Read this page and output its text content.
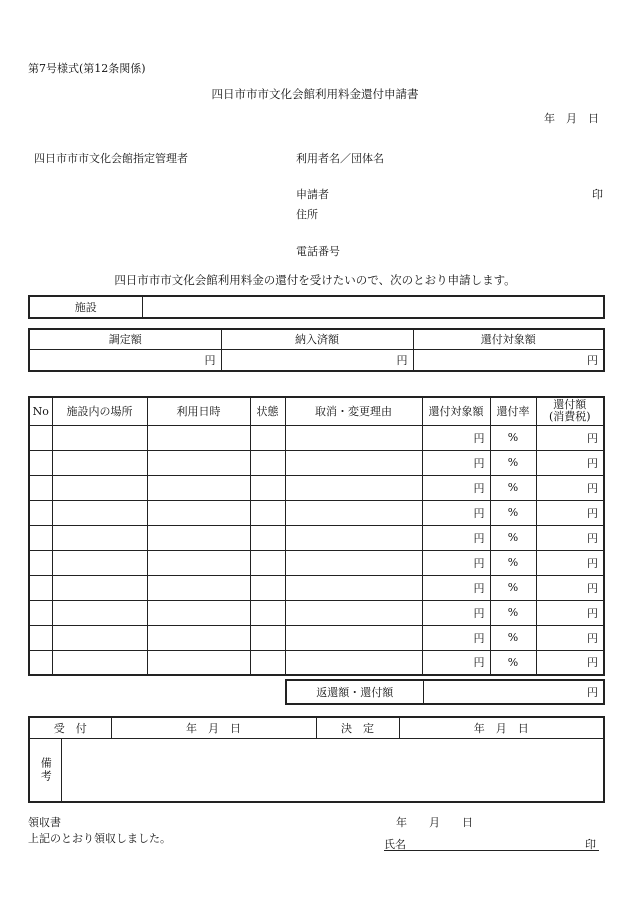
第7号様式(第12条関係)
四日市市市文化会館利用料金還付申請書
年　月　日
四日市市市文化会館指定管理者	利用者名／団体名
申請者	印
住所
電話番号
四日市市市文化会館利用料金の還付を受けたいので、次のとおり申請します。
施設	
調定額	納入済額	還付対象額
円	円	円
No	施設内の場所	利用日時	状態	取消・変更理由	還付対象額	還付率	還付額
(消費税)

					円	%	円
					円	%	円
					円	%	円
					円	%	円
					円	%	円
					円	%	円
					円	%	円
					円	%	円
					円	%	円
					円	%	円
返還額・還付額	円
受　付		年　月　日	決　定	年　月　日
備考				
領収書
上記のとおり領収しました。
年　　月　　日
氏名	印
